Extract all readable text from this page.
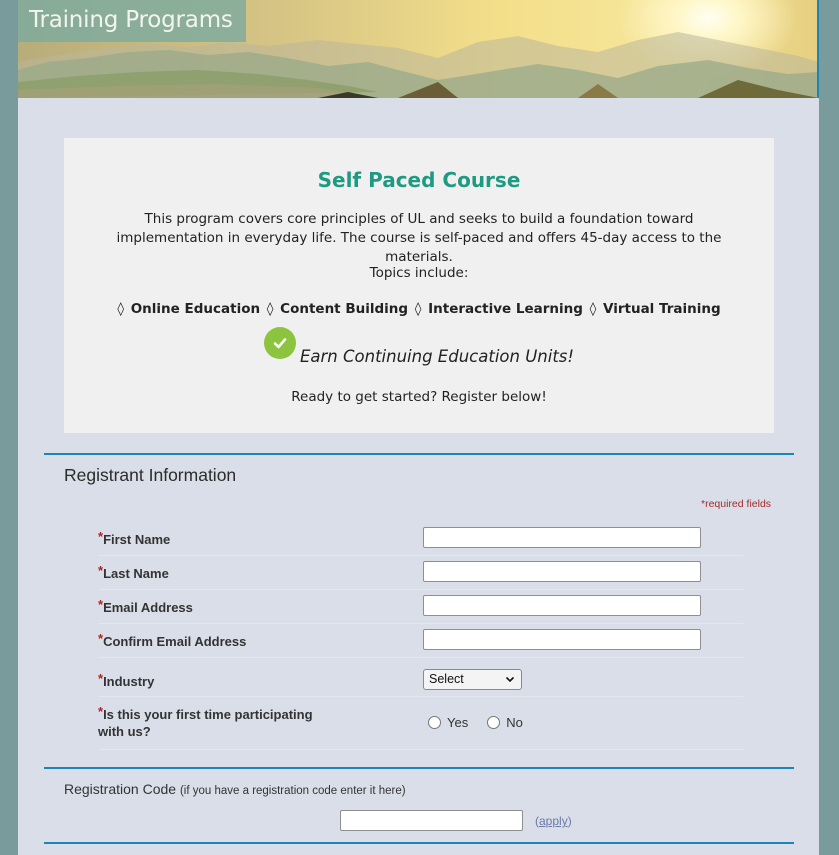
Training Programs
Self Paced Course
This program covers core principles of UL and seeks to build a foundation toward implementation in everyday life. The course is self-paced and offers 45-day access to the materials.
Topics include:
◊ Online Education ◊ Content Building ◊ Interactive Learning ◊ Virtual Training
Earn Continuing Education Units!
Ready to get started? Register below!
Registrant Information
*required fields
*First Name
*Last Name
*Email Address
*Confirm Email Address
*Industry	Select
*Is this your first time participating
with us?
Yes	No
Registration Code (if you have a registration code enter it here)
(apply)
